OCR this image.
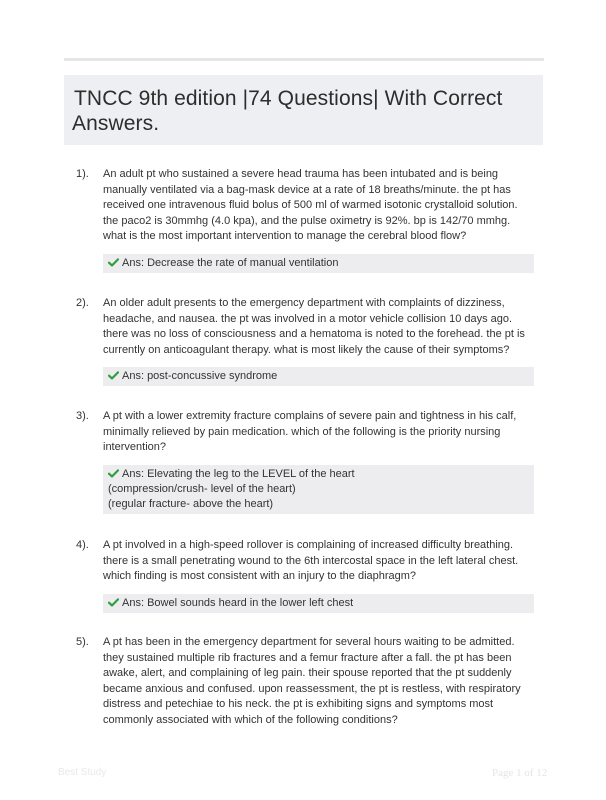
TNCC 9th edition |74 Questions| With Correct
Answers.
1). An adult pt who sustained a severe head trauma has been intubated and is being manually ventilated via a bag-mask device at a rate of 18 breaths/minute. the pt has received one intravenous fluid bolus of 500 ml of warmed isotonic crystalloid solution. the paco2 is 30mmhg (4.0 kpa), and the pulse oximetry is 92%. bp is 142/70 mmhg. what is the most important intervention to manage the cerebral blood flow?
Ans: Decrease the rate of manual ventilation
2). An older adult presents to the emergency department with complaints of dizziness, headache, and nausea. the pt was involved in a motor vehicle collision 10 days ago. there was no loss of consciousness and a hematoma is noted to the forehead. the pt is currently on anticoagulant therapy. what is most likely the cause of their symptoms?
Ans: post-concussive syndrome
3). A pt with a lower extremity fracture complains of severe pain and tightness in his calf, minimally relieved by pain medication. which of the following is the priority nursing intervention?
Ans: Elevating the leg to the LEVEL of the heart
(compression/crush- level of the heart)
(regular fracture- above the heart)
4). A pt involved in a high-speed rollover is complaining of increased difficulty breathing. there is a small penetrating wound to the 6th intercostal space in the left lateral chest. which finding is most consistent with an injury to the diaphragm?
Ans: Bowel sounds heard in the lower left chest
5). A pt has been in the emergency department for several hours waiting to be admitted. they sustained multiple rib fractures and a femur fracture after a fall. the pt has been awake, alert, and complaining of leg pain. their spouse reported that the pt suddenly became anxious and confused. upon reassessment, the pt is restless, with respiratory distress and petechiae to his neck. the pt is exhibiting signs and symptoms most commonly associated with which of the following conditions?
Best Study	Page 1 of 12
